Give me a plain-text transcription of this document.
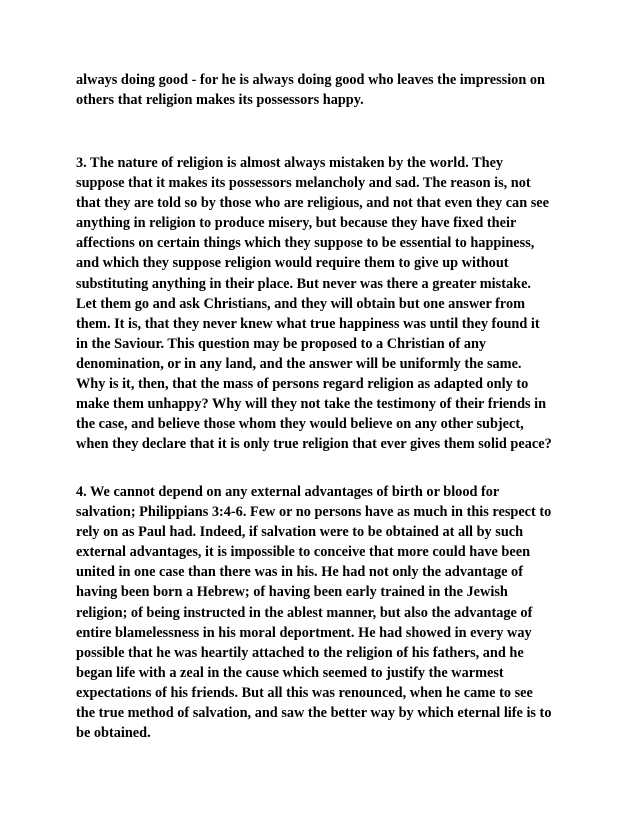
always doing good - for he is always doing good who leaves the impression on
others that religion makes its possessors happy.
3. The nature of religion is almost always mistaken by the world. They
suppose that it makes its possessors melancholy and sad. The reason is, not
that they are told so by those who are religious, and not that even they can see
anything in religion to produce misery, but because they have fixed their
affections on certain things which they suppose to be essential to happiness,
and which they suppose religion would require them to give up without
substituting anything in their place. But never was there a greater mistake.
Let them go and ask Christians, and they will obtain but one answer from
them. It is, that they never knew what true happiness was until they found it
in the Saviour. This question may be proposed to a Christian of any
denomination, or in any land, and the answer will be uniformly the same.
Why is it, then, that the mass of persons regard religion as adapted only to
make them unhappy? Why will they not take the testimony of their friends in
the case, and believe those whom they would believe on any other subject,
when they declare that it is only true religion that ever gives them solid peace?
4. We cannot depend on any external advantages of birth or blood for
salvation; Philippians 3:4-6. Few or no persons have as much in this respect to
rely on as Paul had. Indeed, if salvation were to be obtained at all by such
external advantages, it is impossible to conceive that more could have been
united in one case than there was in his. He had not only the advantage of
having been born a Hebrew; of having been early trained in the Jewish
religion; of being instructed in the ablest manner, but also the advantage of
entire blamelessness in his moral deportment. He had showed in every way
possible that he was heartily attached to the religion of his fathers, and he
began life with a zeal in the cause which seemed to justify the warmest
expectations of his friends. But all this was renounced, when he came to see
the true method of salvation, and saw the better way by which eternal life is to
be obtained.
